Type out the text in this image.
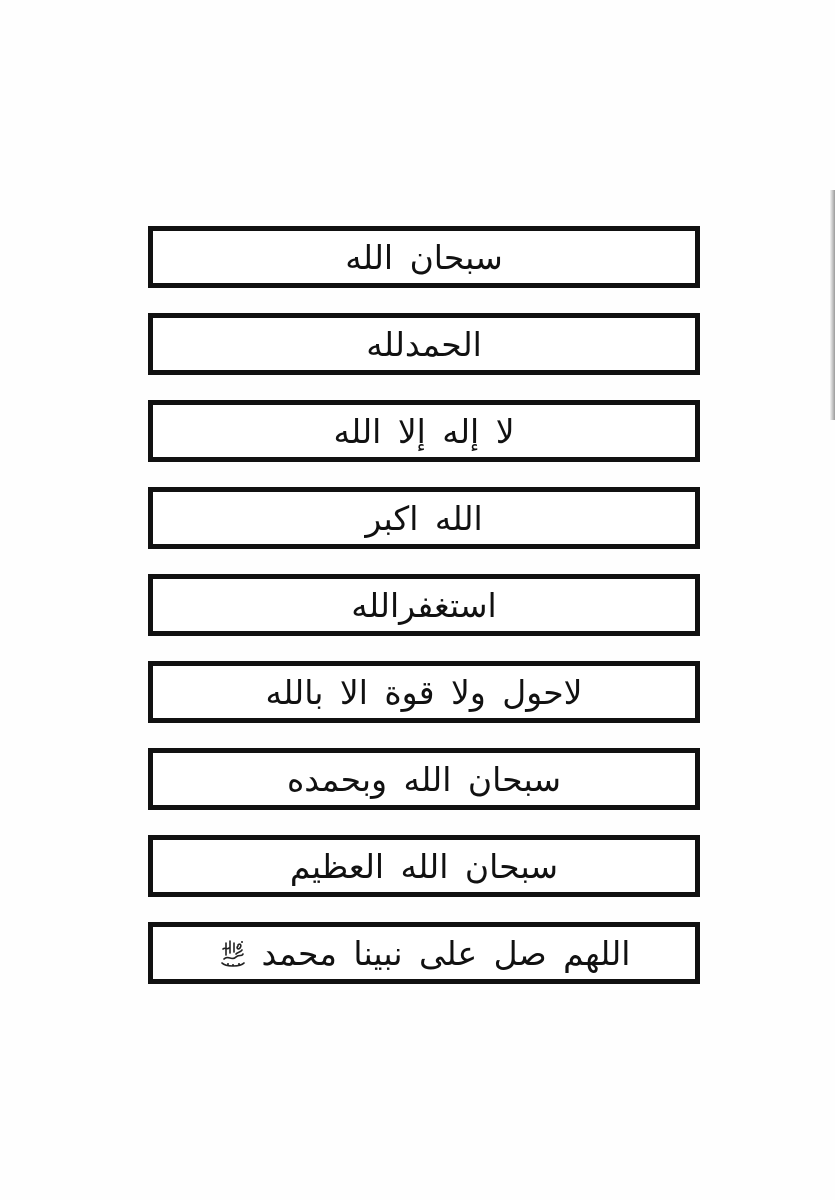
سبحان الله
الحمدلله
لا إله إلا الله
الله اكبر
استغفرالله
لاحول ولا قوة الا بالله
سبحان الله وبحمده
سبحان الله العظيم
اللهم صل على نبينا محمد
